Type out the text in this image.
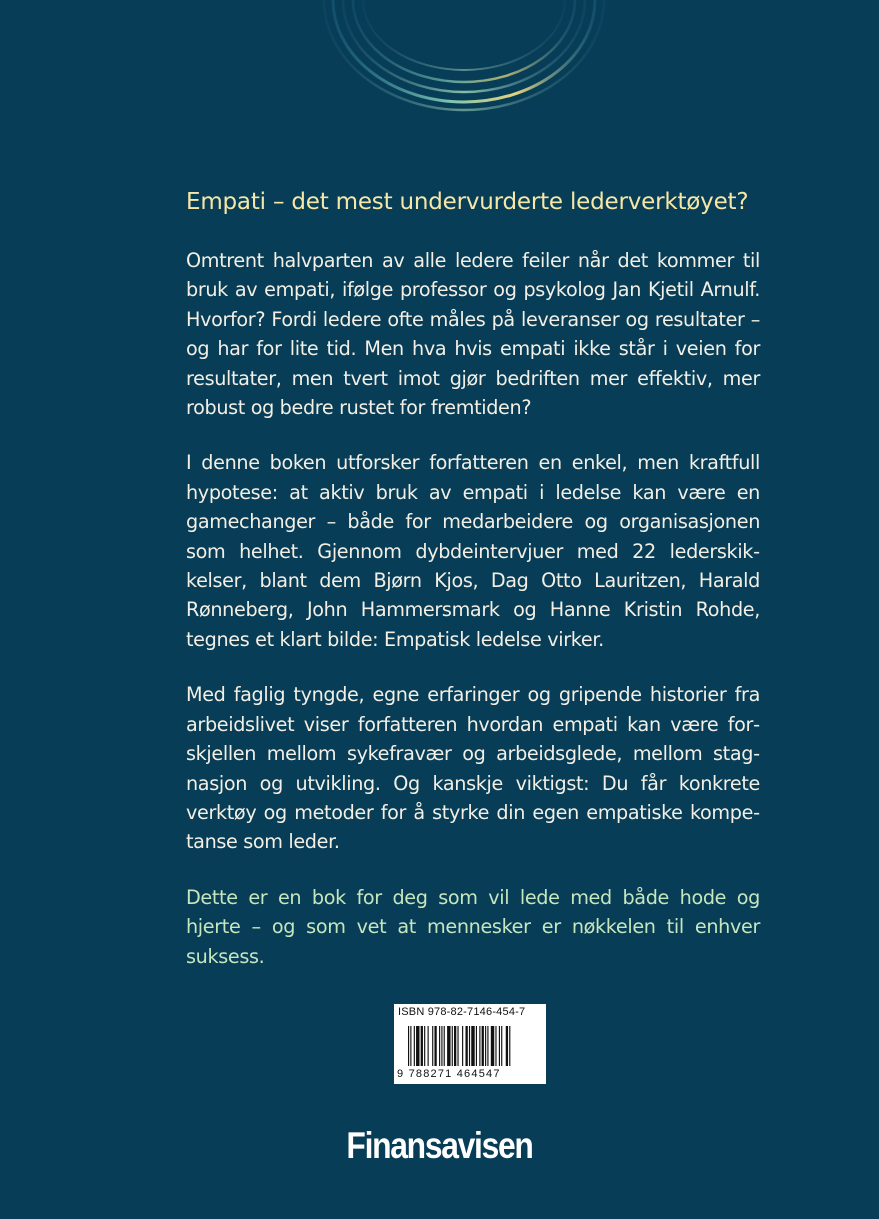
Empati – det mest undervurderte lederverktøyet?

Omtrent halvparten av alle ledere feiler når det kommer til bruk av empati, ifølge professor og psykolog Jan Kjetil Arnulf. Hvorfor? Fordi ledere ofte måles på leveranser og resultater – og har for lite tid. Men hva hvis empati ikke står i veien for resultater, men tvert imot gjør bedriften mer effektiv, mer robust og bedre rustet for fremtiden?

I denne boken utforsker forfatteren en enkel, men kraftfull hypotese: at aktiv bruk av empati i ledelse kan være en gamechanger – både for medarbeidere og organisasjonen som helhet. Gjennom dybdeintervjuer med 22 lederskikkelser, blant dem Bjørn Kjos, Dag Otto Lauritzen, Harald Rønneberg, John Hammersmark og Hanne Kristin Rohde, tegnes et klart bilde: Empatisk ledelse virker.

Med faglig tyngde, egne erfaringer og gripende historier fra arbeidslivet viser forfatteren hvordan empati kan være forskjellen mellom sykefravær og arbeidsglede, mellom stagnasjon og utvikling. Og kanskje viktigst: Du får konkrete verktøy og metoder for å styrke din egen empatiske kompetanse som leder.

Dette er en bok for deg som vil lede med både hode og hjerte – og som vet at mennesker er nøkkelen til enhver suksess.

ISBN 978-82-7146-454-7
9 788271 464547
Finansavisen
